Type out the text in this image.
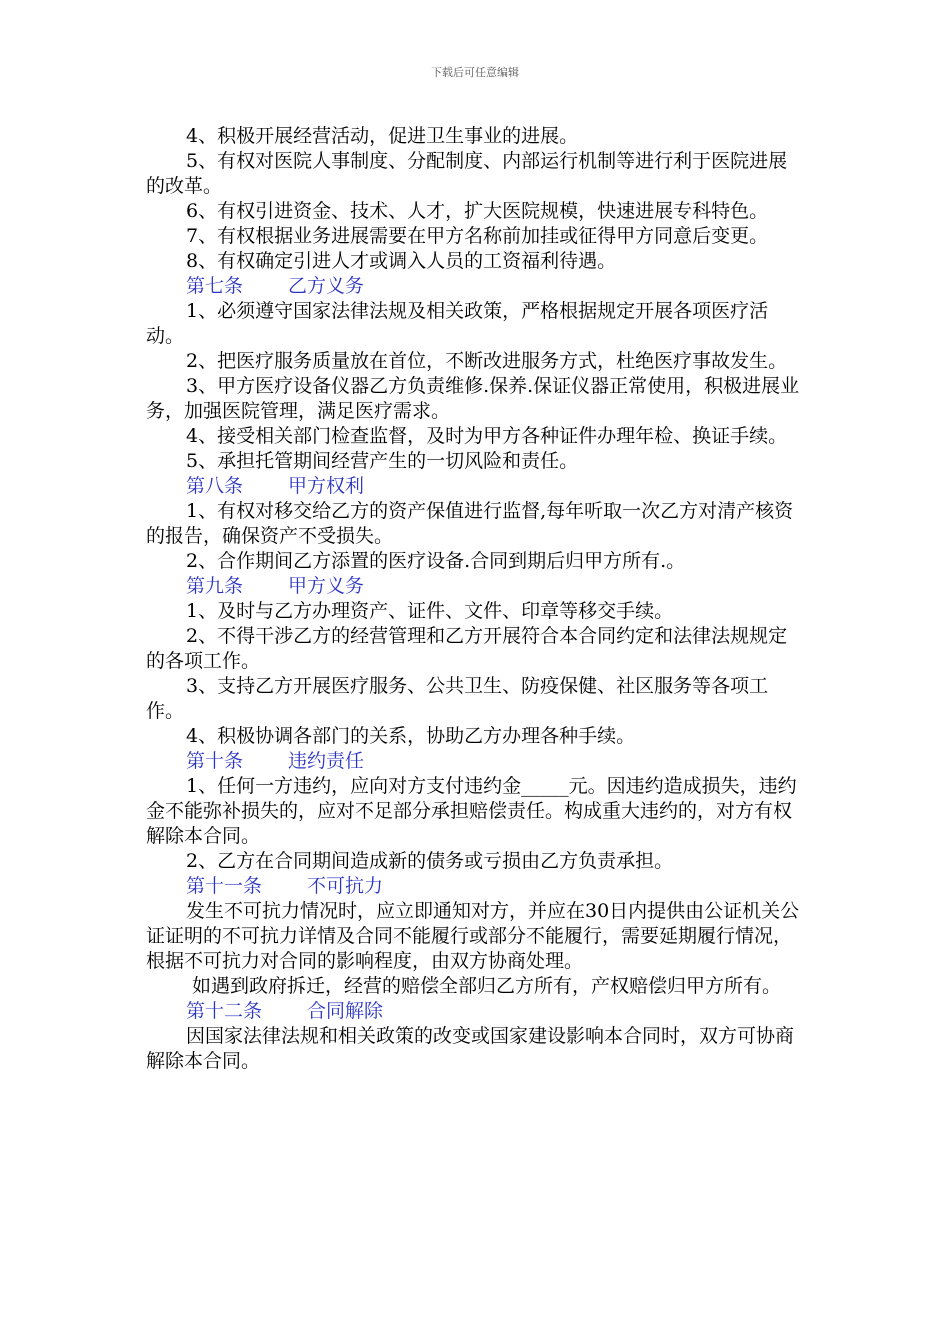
下载后可任意编辑

4、积极开展经营活动，促进卫生事业的进展。

5、有权对医院人事制度、分配制度、内部运行机制等进行利于医院进展的改革。

6、有权引进资金、技术、人才，扩大医院规模，快速进展专科特色。

7、有权根据业务进展需要在甲方名称前加挂或征得甲方同意后变更。

8、有权确定引进人才或调入人员的工资福利待遇。

第七条 乙方义务

1、必须遵守国家法律法规及相关政策，严格根据规定开展各项医疗活动。

2、把医疗服务质量放在首位，不断改进服务方式，杜绝医疗事故发生。

3、甲方医疗设备仪器乙方负责维修.保养.保证仪器正常使用，积极进展业务，加强医院管理，满足医疗需求。

4、接受相关部门检查监督，及时为甲方各种证件办理年检、换证手续。

5、承担托管期间经营产生的一切风险和责任。

第八条 甲方权利

1、有权对移交给乙方的资产保值进行监督,每年听取一次乙方对清产核资的报告，确保资产不受损失。

2、合作期间乙方添置的医疗设备.合同到期后归甲方所有.。

第九条 甲方义务

1、及时与乙方办理资产、证件、文件、印章等移交手续。

2、不得干涉乙方的经营管理和乙方开展符合本合同约定和法律法规规定的各项工作。

3、支持乙方开展医疗服务、公共卫生、防疫保健、社区服务等各项工作。

4、积极协调各部门的关系，协助乙方办理各种手续。

第十条 违约责任

1、任何一方违约，应向对方支付违约金_____元。因违约造成损失，违约金不能弥补损失的，应对不足部分承担赔偿责任。构成重大违约的，对方有权解除本合同。

2、乙方在合同期间造成新的债务或亏损由乙方负责承担。

第十一条 不可抗力

发生不可抗力情况时，应立即通知对方，并应在30日内提供由公证机关公证证明的不可抗力详情及合同不能履行或部分不能履行，需要延期履行情况，根据不可抗力对合同的影响程度，由双方协商处理。

如遇到政府拆迁，经营的赔偿全部归乙方所有，产权赔偿归甲方所有。

第十二条 合同解除

因国家法律法规和相关政策的改变或国家建设影响本合同时，双方可协商解除本合同。
